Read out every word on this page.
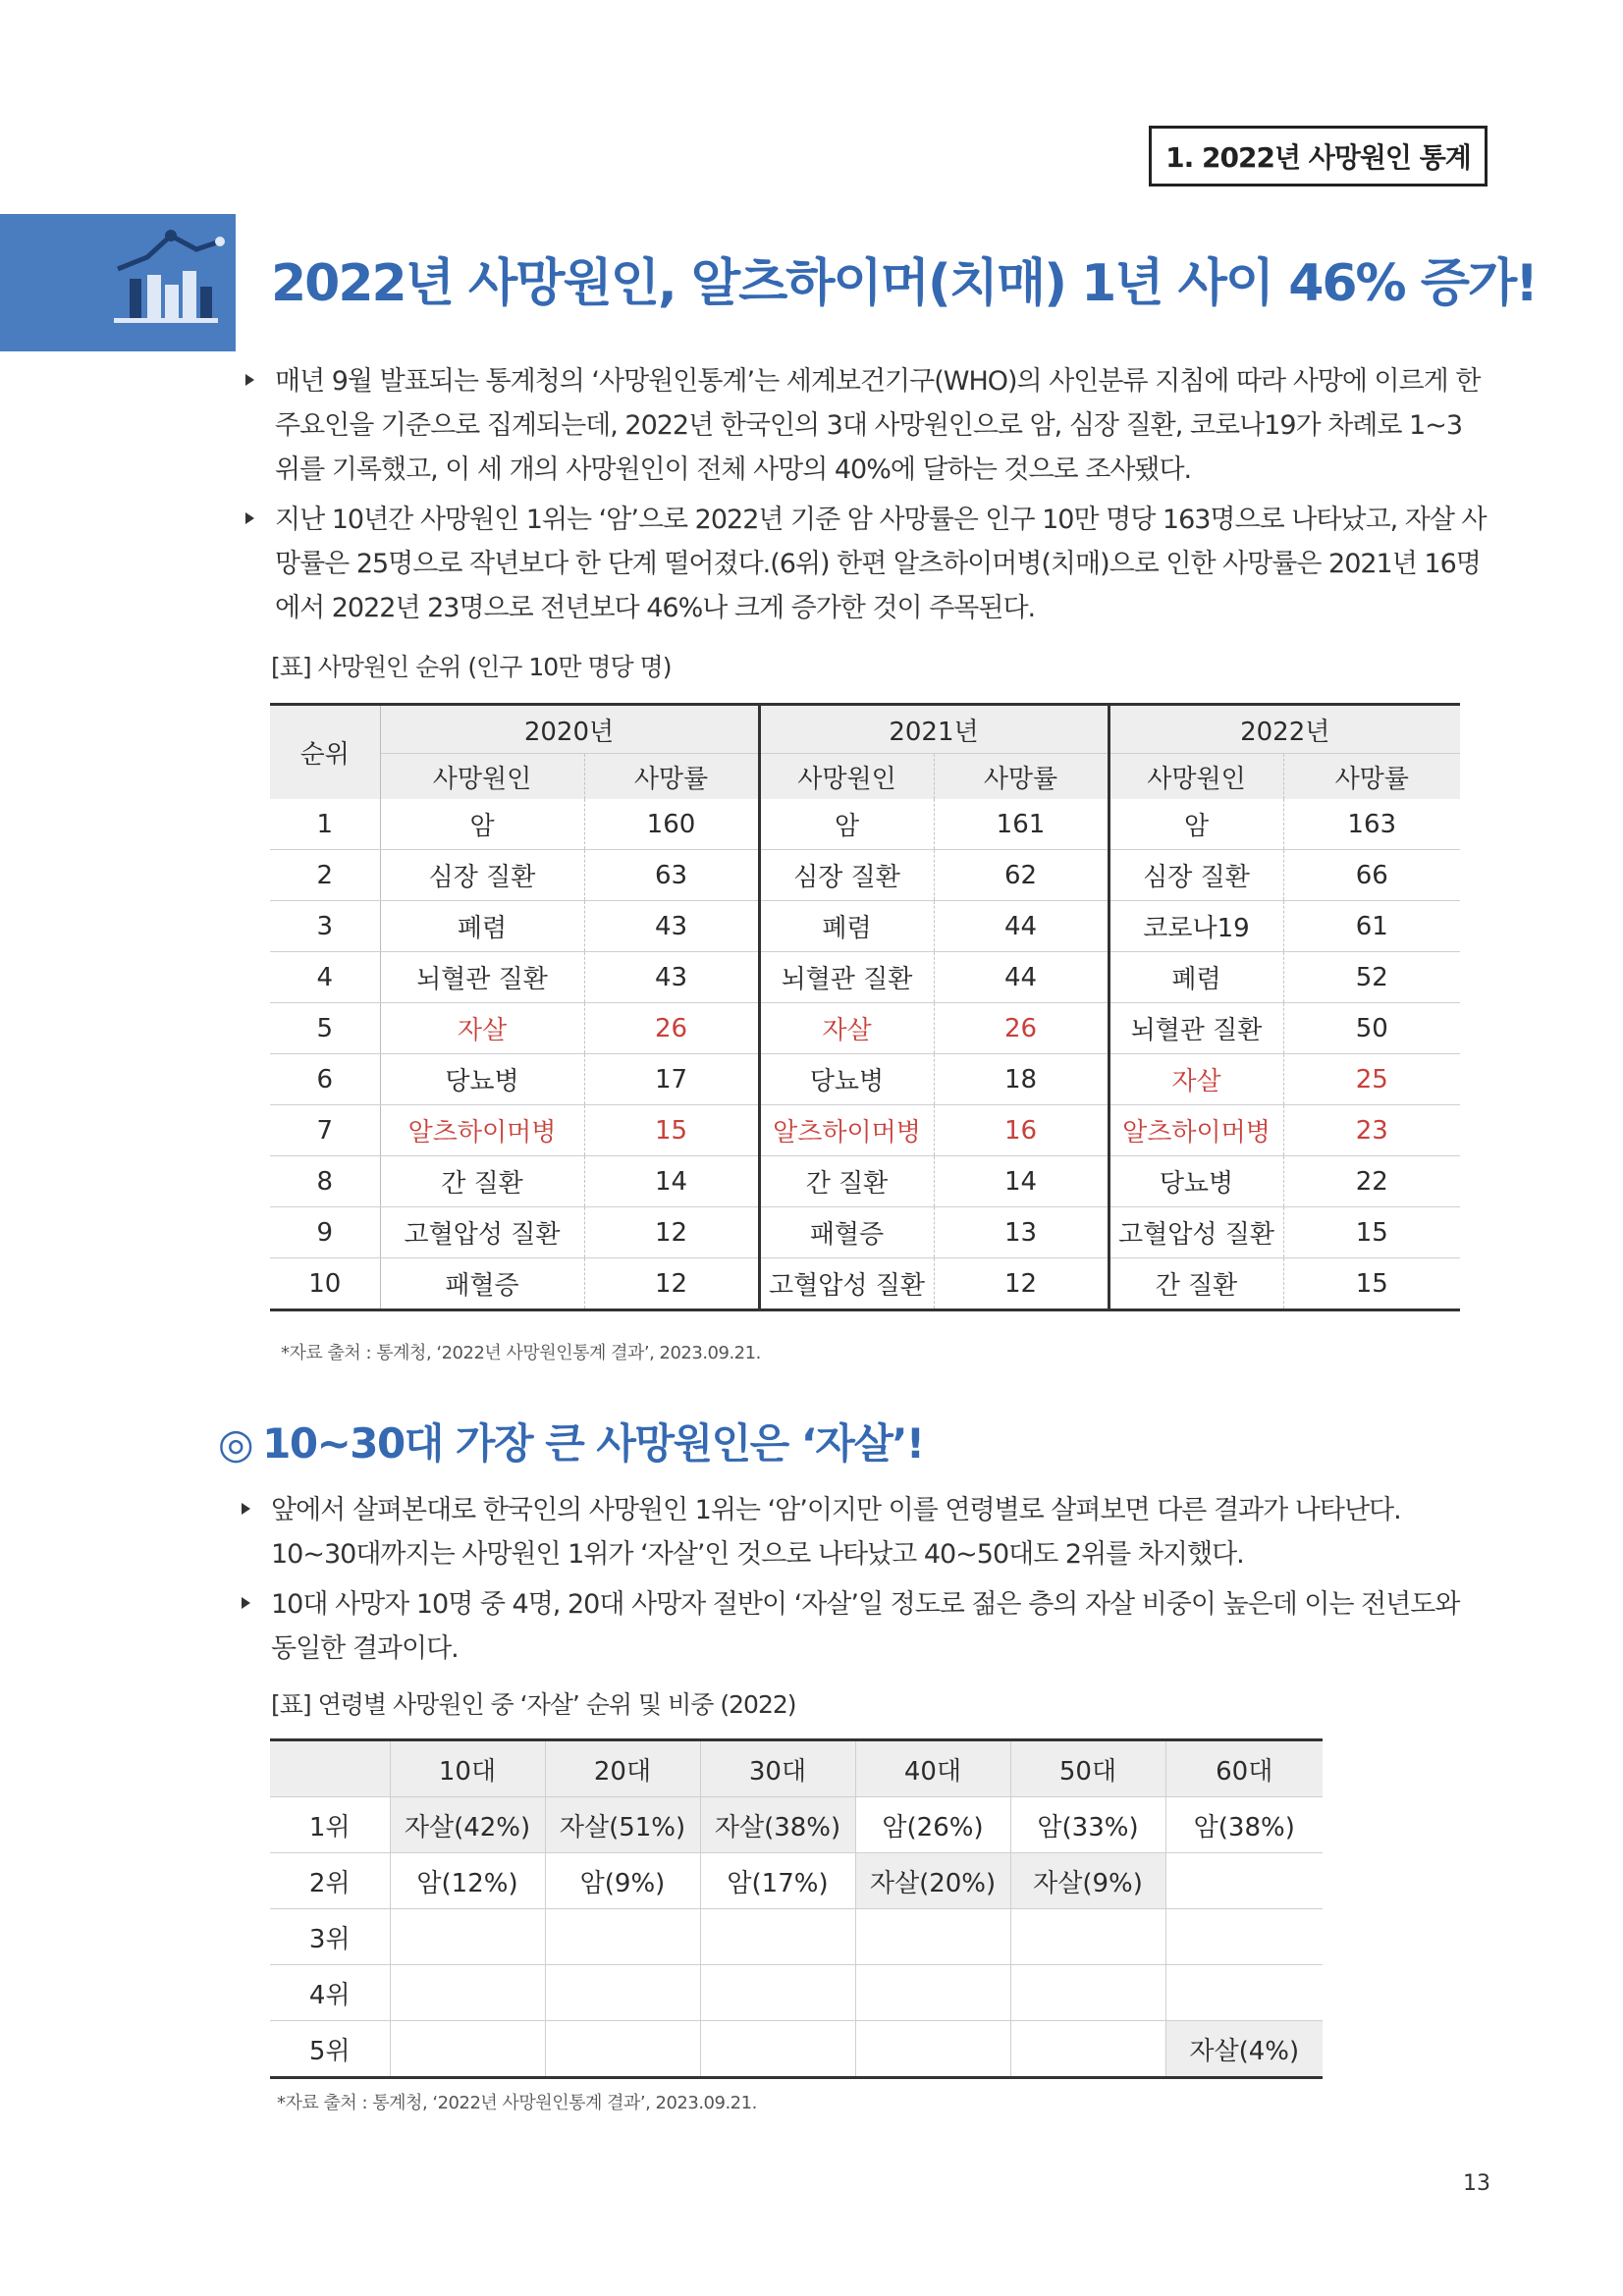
1. 2022년 사망원인 통계
2022년 사망원인, 알츠하이머(치매) 1년 사이 46% 증가!
매년 9월 발표되는 통계청의 ‘사망원인통계’는 세계보건기구(WHO)의 사인분류 지침에 따라 사망에 이르게 한 주요인을 기준으로 집계되는데, 2022년 한국인의 3대 사망원인으로 암, 심장 질환, 코로나19가 차례로 1~3위를 기록했고, 이 세 개의 사망원인이 전체 사망의 40%에 달하는 것으로 조사됐다.
지난 10년간 사망원인 1위는 ‘암’으로 2022년 기준 암 사망률은 인구 10만 명당 163명으로 나타났고, 자살 사망률은 25명으로 작년보다 한 단계 떨어졌다.(6위) 한편 알츠하이머병(치매)으로 인한 사망률은 2021년 16명에서 2022년 23명으로 전년보다 46%나 크게 증가한 것이 주목된다.
[표] 사망원인 순위 (인구 10만 명당 명)
순위	2020년		2021년		2022년	
	사망원인	사망률	사망원인	사망률	사망원인	사망률
1	암	160	암	161	암	163
2	심장 질환	63	심장 질환	62	심장 질환	66
3	폐렴	43	폐렴	44	코로나19	61
4	뇌혈관 질환	43	뇌혈관 질환	44	폐렴	52
5	자살	26	자살	26	뇌혈관 질환	50
6	당뇨병	17	당뇨병	18	자살	25
7	알츠하이머병	15	알츠하이머병	16	알츠하이머병	23
8	간 질환	14	간 질환	14	당뇨병	22
9	고혈압성 질환	12	패혈증	13	고혈압성 질환	15
10	패혈증	12	고혈압성 질환	12	간 질환	15
*자료 출처 : 통계청, ‘2022년 사망원인통계 결과’, 2023.09.21.
◎ 10~30대 가장 큰 사망원인은 ‘자살’!
앞에서 살펴본대로 한국인의 사망원인 1위는 ‘암’이지만 이를 연령별로 살펴보면 다른 결과가 나타난다. 10~30대까지는 사망원인 1위가 ‘자살’인 것으로 나타났고 40~50대도 2위를 차지했다.
10대 사망자 10명 중 4명, 20대 사망자 절반이 ‘자살’일 정도로 젊은 층의 자살 비중이 높은데 이는 전년도와 동일한 결과이다.
[표] 연령별 사망원인 중 ‘자살’ 순위 및 비중 (2022)
	10대	20대	30대	40대	50대	60대
1위	자살(42%)	자살(51%)	자살(38%)	암(26%)	암(33%)	암(38%)
2위	암(12%)	암(9%)	암(17%)	자살(20%)	자살(9%)	
3위						
4위						
5위						자살(4%)
*자료 출처 : 통계청, ‘2022년 사망원인통계 결과’, 2023.09.21.
13
